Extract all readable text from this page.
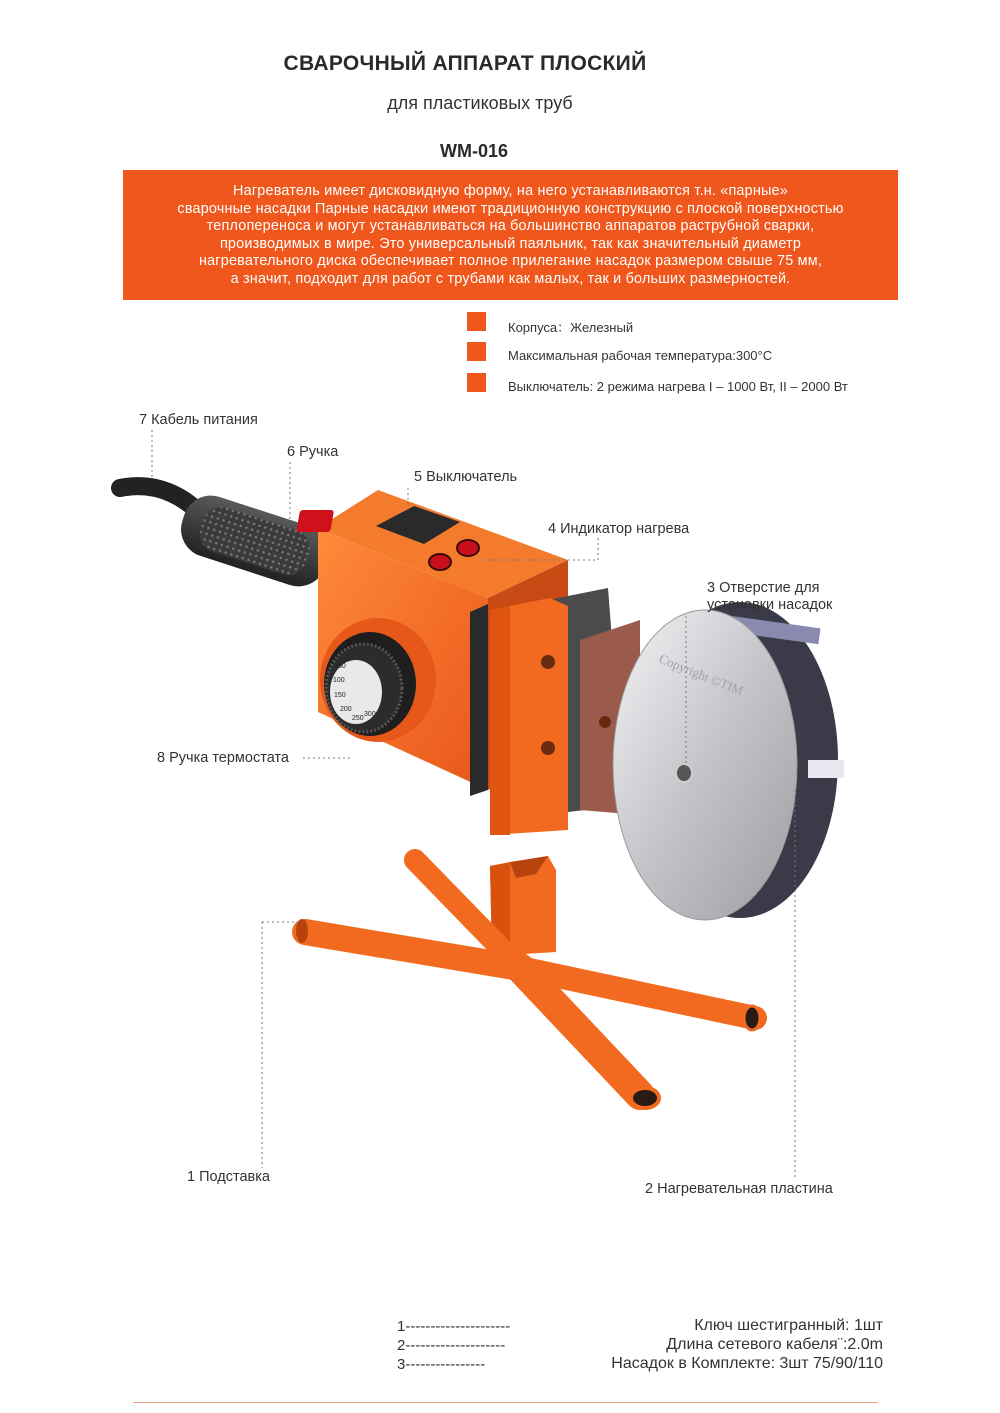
СВАРОЧНЫЙ АППАРАТ ПЛОСКИЙ
для пластиковых труб
WM-016
Нагреватель имеет дисковидную форму, на него устанавливаются т.н. «парные»
сварочные насадки Парные насадки имеют традиционную конструкцию с плоской поверхностью
теплопереноса и могут устанавливаться на большинство аппаратов раструбной сварки,
производимых в мире. Это универсальный паяльник, так как значительный диаметр
нагревательного диска обеспечивает полное прилегание насадок размером свыше 75 мм,
а значит, подходит для работ с трубами как малых, так и больших размерностей.
Корпуса：Железный
Максимальная рабочая температура:300°C
Выключатель: 2 режима нагрева I – 1000 Вт, II – 2000 Вт
50
100
150
200
250
300
Copyright ©TIM
7 Кабель питания
6 Ручка
5 Выключатель
4 Индикатор нагрева
3 Отверстие для
установки насадок
8 Ручка термостата
1 Подставка
2 Нагревательная пластина
1---------------------
2--------------------
3----------------
Ключ шестигранный: 1шт
Длина сетевого кабеля¨:2.0m
Насадок в Комплекте: 3шт 75/90/110
